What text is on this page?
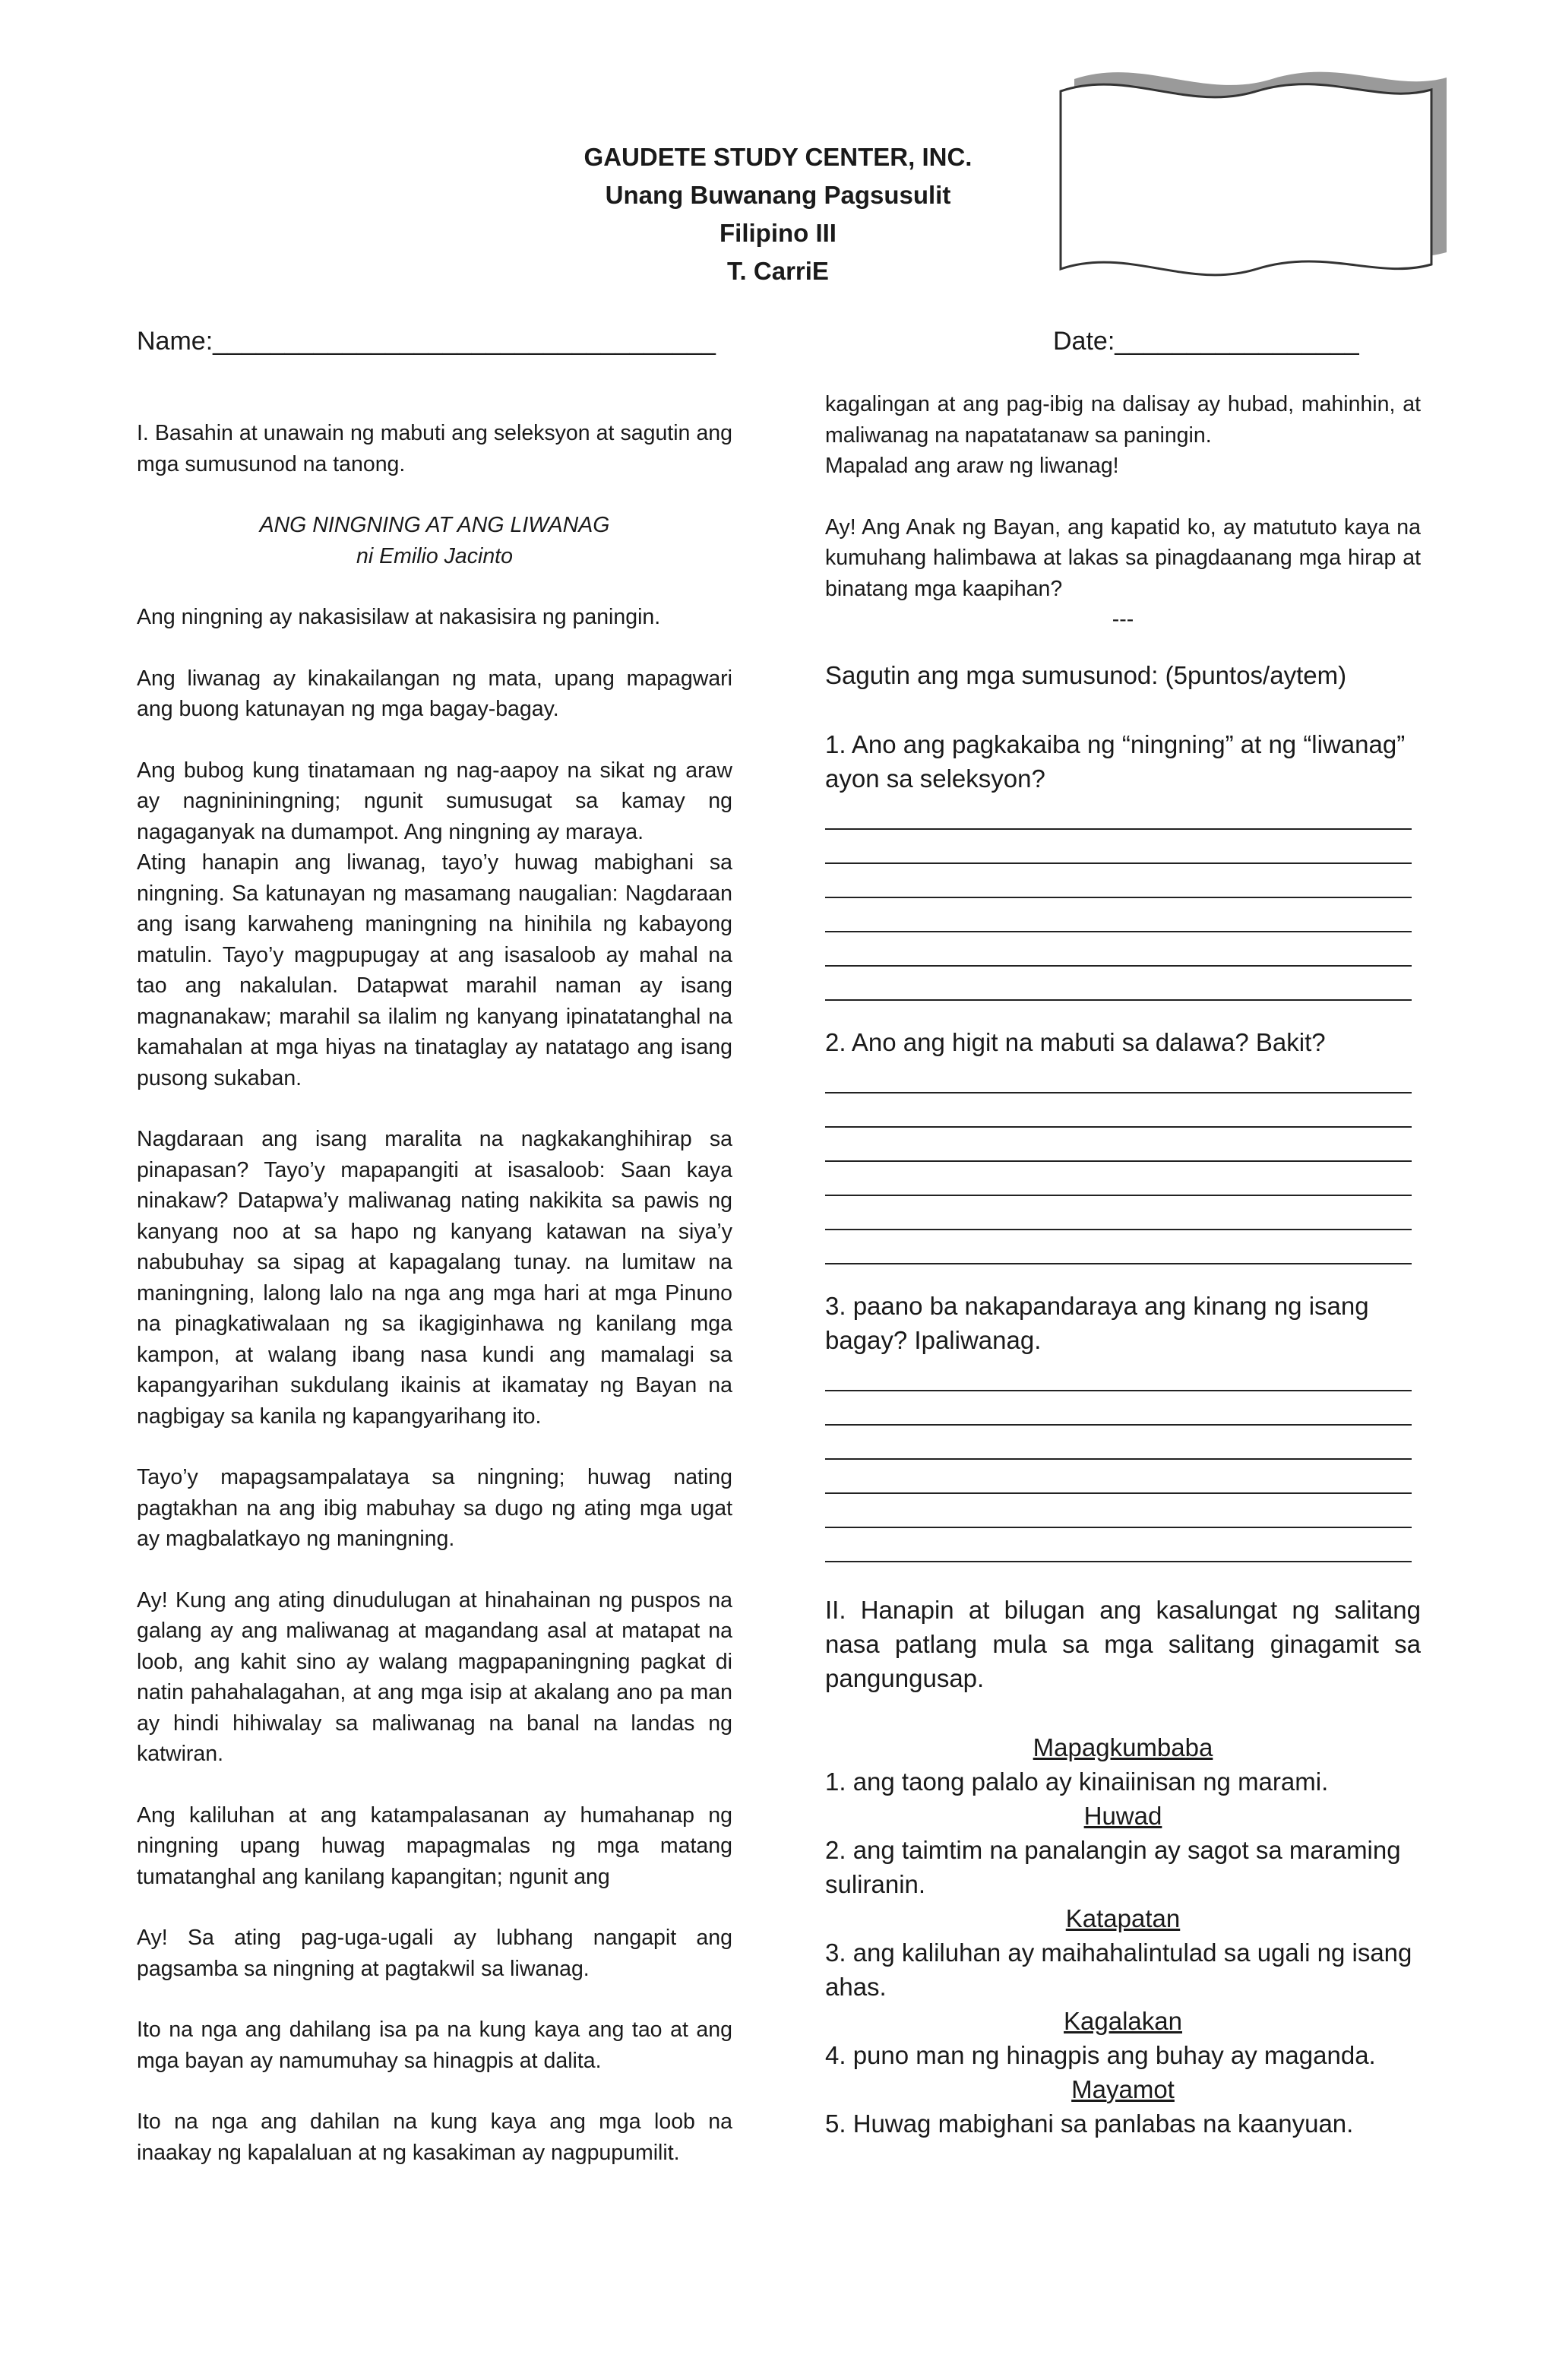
GAUDETE STUDY CENTER, INC.
Unang Buwanang Pagsusulit
Filipino III
T. CarriE
Name:___________________________________	Date:_________________

I. Basahin at unawain ng mabuti ang seleksyon at sagutin ang mga sumusunod na tanong.

ANG NINGNING AT ANG LIWANAG
ni Emilio Jacinto

Ang ningning ay nakasisilaw at nakasisira ng paningin.

Ang liwanag ay kinakailangan ng mata, upang mapagwari ang buong katunayan ng mga bagay-bagay.

Ang bubog kung tinatamaan ng nag-aapoy na sikat ng araw ay nagnininingning; ngunit sumusugat sa kamay ng nagaganyak na dumampot. Ang ningning ay maraya.

Ating hanapin ang liwanag, tayo’y huwag mabighani sa ningning. Sa katunayan ng masamang naugalian: Nagdaraan ang isang karwaheng maningning na hinihila ng kabayong matulin. Tayo’y magpupugay at ang isasaloob ay mahal na tao ang nakalulan. Datapwat marahil naman ay isang magnanakaw; marahil sa ilalim ng kanyang ipinatatanghal na kamahalan at mga hiyas na tinataglay ay natatago ang isang pusong sukaban.

Nagdaraan ang isang maralita na nagkakanghihirap sa pinapasan? Tayo’y mapapangiti at isasaloob: Saan kaya ninakaw? Datapwa’y maliwanag nating nakikita sa pawis ng kanyang noo at sa hapo ng kanyang katawan na siya’y nabubuhay sa sipag at kapagalang tunay. na lumitaw na maningning, lalong lalo na nga ang mga hari at mga Pinuno na pinagkatiwalaan ng sa ikagiginhawa ng kanilang mga kampon, at walang ibang nasa kundi ang mamalagi sa kapangyarihan sukdulang ikainis at ikamatay ng Bayan na nagbigay sa kanila ng kapangyarihang ito.

Tayo’y mapagsampalataya sa ningning; huwag nating pagtakhan na ang ibig mabuhay sa dugo ng ating mga ugat ay magbalatkayo ng maningning.

Ay! Kung ang ating dinudulugan at hinahainan ng puspos na galang ay ang maliwanag at magandang asal at matapat na loob, ang kahit sino ay walang magpapaningning pagkat di natin pahahalagahan, at ang mga isip at akalang ano pa man ay hindi hihiwalay sa maliwanag na banal na landas ng katwiran.

Ang kaliluhan at ang katampalasanan ay humahanap ng ningning upang huwag mapagmalas ng mga matang tumatanghal ang kanilang kapangitan; ngunit ang

Ay! Sa ating pag-uga-ugali ay lubhang nangapit ang pagsamba sa ningning at pagtakwil sa liwanag.

Ito na nga ang dahilang isa pa na kung kaya ang tao at ang mga bayan ay namumuhay sa hinagpis at dalita.

Ito na nga ang dahilan na kung kaya ang mga loob na inaakay ng kapalaluan at ng kasakiman ay nagpupumilit.

kagalingan at ang pag-ibig na dalisay ay hubad, mahinhin, at maliwanag na napatatanaw sa paningin.

Mapalad ang araw ng liwanag!

Ay! Ang Anak ng Bayan, ang kapatid ko, ay matututo kaya na kumuhang halimbawa at lakas sa pinagdaanang mga hirap at binatang mga kaapihan?

---
Sagutin ang mga sumusunod: (5puntos/aytem)
1. Ano ang pagkakaiba ng “ningning” at ng “liwanag” ayon sa seleksyon?
2. Ano ang higit na mabuti sa dalawa? Bakit?
3. paano ba nakapandaraya ang kinang ng isang bagay? Ipaliwanag.
II. Hanapin at bilugan ang kasalungat ng salitang nasa patlang mula sa mga salitang ginagamit sa pangungusap.
Mapagkumbaba
1. ang taong palalo ay kinaiinisan ng marami.
Huwad
2. ang taimtim na panalangin ay sagot sa maraming suliranin.
Katapatan
3. ang kaliluhan ay maihahalintulad sa ugali ng isang ahas.
Kagalakan
4. puno man ng hinagpis ang buhay ay maganda.
Mayamot
5. Huwag mabighani sa panlabas na kaanyuan.
